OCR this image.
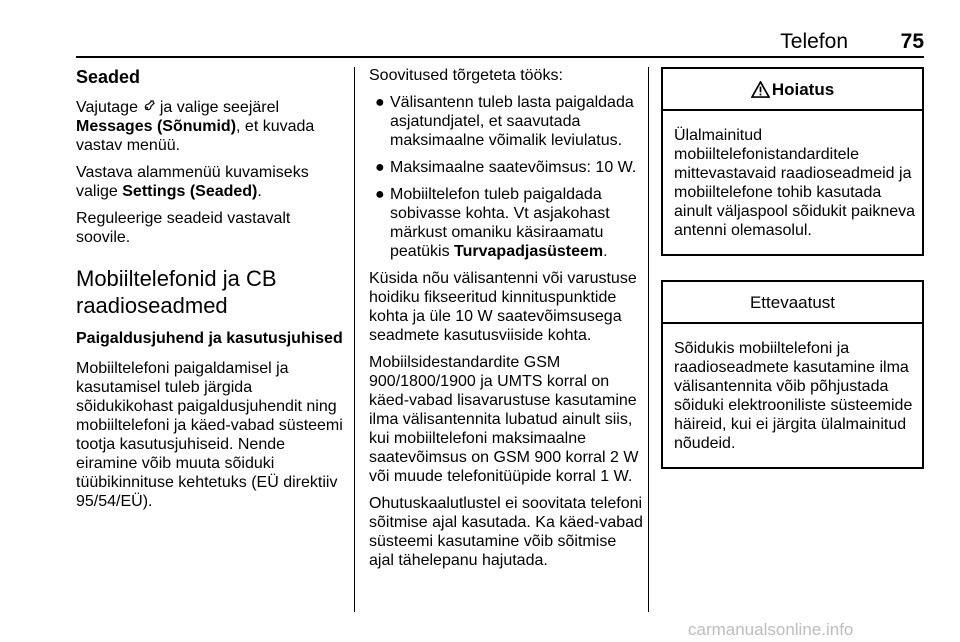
Telefon	75
Seaded

Vajutage  ja valige seejärel
Messages (Sõnumid), et kuvada vastav menüü.

Vastava alammenüü kuvamiseks valige Settings (Seaded).

Reguleerige seadeid vastavalt soovile.

Mobiiltelefonid ja CB raadioseadmed
Paigaldusjuhend ja kasutusjuhised

Mobiiltelefoni paigaldamisel ja kasutamisel tuleb järgida sõidukikohast paigaldusjuhendit ning mobiiltelefoni ja käed-vabad süsteemi tootja kasutusjuhiseid. Nende eiramine võib muuta sõiduki tüübikinnituse kehtetuks (EÜ direktiiv 95/54/EÜ).

Soovitused tõrgeteta tööks:

● Välisantenn tuleb lasta paigaldada asjatundjatel, et saavutada maksimaalne võimalik leviulatus.
● Maksimaalne saatevõimsus: 10 W.
● Mobiiltelefon tuleb paigaldada sobivasse kohta. Vt asjakohast märkust omaniku käsiraamatu peatükis Turvapadjasüsteem.

Küsida nõu välisantenni või varustuse hoidiku fikseeritud kinnituspunktide kohta ja üle 10 W saatevõimsusega seadmete kasutusviiside kohta.

Mobiilsidestandardite GSM 900/1800/1900 ja UMTS korral on käed-vabad lisavarustuse kasutamine ilma välisantennita lubatud ainult siis, kui mobiiltelefoni maksimaalne saatevõimsus on GSM 900 korral 2 W või muude telefonitüüpide korral 1 W.

Ohutuskaalutlustel ei soovitata telefoni sõitmise ajal kasutada. Ka käed-vabad süsteemi kasutamine võib sõitmise ajal tähelepanu hajutada.

Hoiatus
Ülalmainitud mobiiltelefonistandarditele mittevastavaid raadioseadmeid ja mobiiltelefone tohib kasutada ainult väljaspool sõidukit paikneva antenni olemasolul.
Ettevaatust
Sõidukis mobiiltelefoni ja raadioseadmete kasutamine ilma välisantennita võib põhjustada sõiduki elektrooniliste süsteemide häireid, kui ei järgita ülalmainitud nõudeid.
carmanualsonline.info
